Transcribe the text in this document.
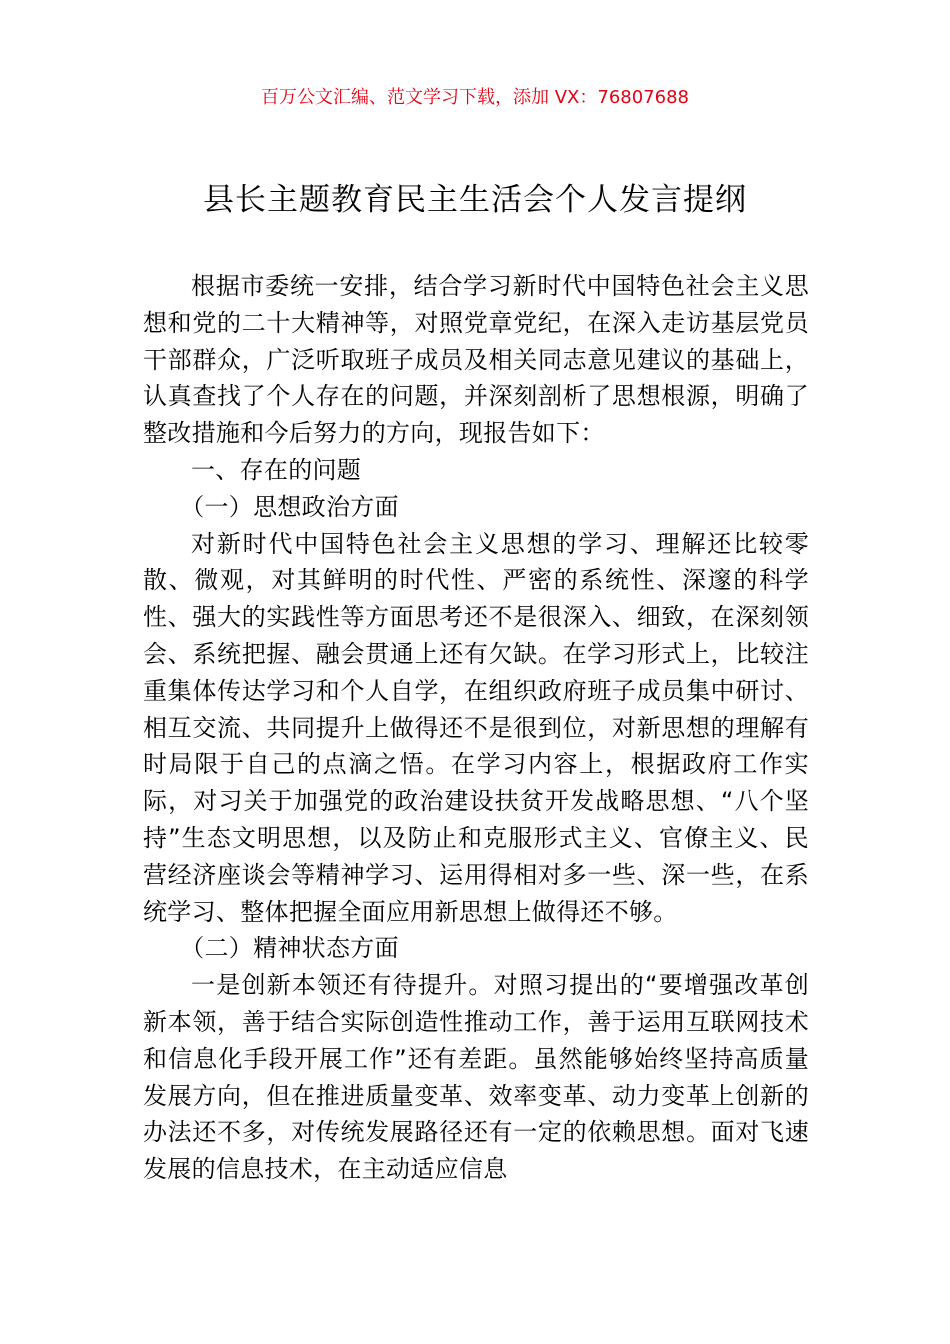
百万公文汇编、范文学习下载，添加 VX：76807688
县长主题教育民主生活会个人发言提纲

根据市委统一安排，结合学习新时代中国特色社会主义思想和党的二十大精神等，对照党章党纪，在深入走访基层党员干部群众，广泛听取班子成员及相关同志意见建议的基础上，认真查找了个人存在的问题，并深刻剖析了思想根源，明确了整改措施和今后努力的方向，现报告如下：

一、存在的问题

（一）思想政治方面

对新时代中国特色社会主义思想的学习、理解还比较零散、微观，对其鲜明的时代性、严密的系统性、深邃的科学性、强大的实践性等方面思考还不是很深入、细致，在深刻领会、系统把握、融会贯通上还有欠缺。在学习形式上，比较注重集体传达学习和个人自学，在组织政府班子成员集中研讨、相互交流、共同提升上做得还不是很到位，对新思想的理解有时局限于自己的点滴之悟。在学习内容上，根据政府工作实际，对习关于加强党的政治建设扶贫开发战略思想、“八个坚持”生态文明思想，以及防止和克服形式主义、官僚主义、民营经济座谈会等精神学习、运用得相对多一些、深一些，在系统学习、整体把握全面应用新思想上做得还不够。

（二）精神状态方面

一是创新本领还有待提升。对照习提出的“要增强改革创新本领，善于结合实际创造性推动工作，善于运用互联网技术和信息化手段开展工作”还有差距。虽然能够始终坚持高质量发展方向，但在推进质量变革、效率变革、动力变革上创新的办法还不多，对传统发展路径还有一定的依赖思想。面对飞速发展的信息技术，在主动适应信息
